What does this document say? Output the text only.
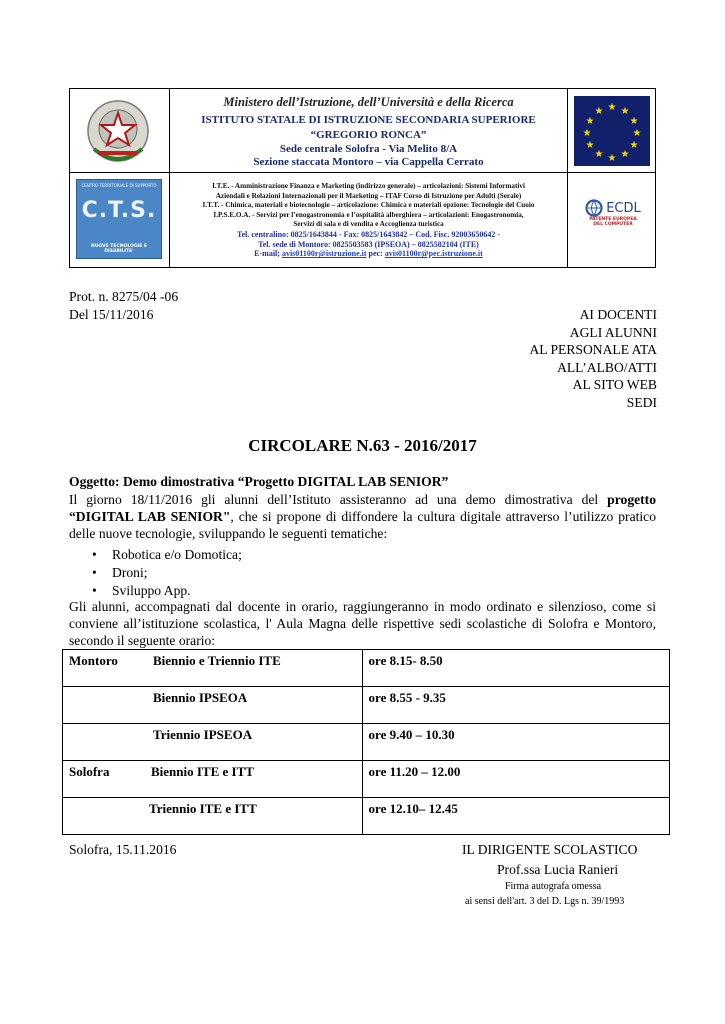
Ministero dell’Istruzione, dell’Università e della Ricerca
ISTITUTO STATALE DI ISTRUZIONE SECONDARIA SUPERIORE
“GREGORIO RONCA”
Sede centrale Solofra - Via Melito 8/A
Sezione staccata Montoro – via Cappella Cerrato
★ ★
★
★
★
★
★
★
★
★
★
★
CENTRO TERRITORIALE DI SUPPORTO
C.T.S.
NUOVE TECNOLOGIE E DISABILITA'
I.T.E. - Amministrazione Finanza e Marketing (indirizzo generale) – articolazioni: Sistemi Informativi
Aziendali e Relazioni Internazionali per il Marketing – ITAF Corso di Istruzione per Adulti (Serale)
I.T.T. - Chimica, materiali e biotecnologie – articolazione: Chimica e materiali opzione: Tecnologie del Cuoio
I.P.S.E.O.A. - Servizi per l’enogastronomia e l’ospitalità alberghiera – articolazioni: Enogastronomia,
Servizi di sala e di vendita e Accoglienza turistica
Tel. centralino: 0825/1643844 - Fax: 0825/1643842 – Cod. Fisc. 92003650642 -
Tel. sede di Montoro: 0825503583 (IPSEOA) – 0825502104 (ITE)
E-mail; avis01100r@istruzione.it pec: avis01100r@pec.istruzione.it
ECDL
PATENTE EUROPEA
DEL COMPUTER
Prot. n. 8275/04 -06
Del 15/11/2016	AI DOCENTI
AGLI ALUNNI
AL PERSONALE ATA
ALL’ALBO/ATTI
AL SITO WEB
SEDI
CIRCOLARE N.63 - 2016/2017
Oggetto: Demo dimostrativa “Progetto DIGITAL LAB SENIOR”
Il giorno 18/11/2016 gli alunni dell’Istituto assisteranno ad una demo dimostrativa del progetto “DIGITAL LAB SENIOR", che si propone di diffondere la cultura digitale attraverso l’utilizzo pratico delle nuove tecnologie, sviluppando le seguenti tematiche:
• Robotica e/o Domotica;
• Droni;
• Sviluppo App.
Gli alunni, accompagnati dal docente in orario, raggiungeranno in modo ordinato e silenzioso, come si conviene all’istituzione scolastica, l' Aula Magna delle rispettive sedi scolastiche di Solofra e Montoro, secondo il seguente orario:
Montoro Biennio e Triennio ITE	ore 8.15- 8.50
Biennio IPSEOA	ore 8.55 - 9.35
Triennio IPSEOA	ore 9.40 – 10.30
Solofra Biennio ITE e ITT	ore 11.20 – 12.00
Triennio ITE e ITT	ore 12.10– 12.45
Solofra, 15.11.2016	IL DIRIGENTE SCOLASTICO
Prof.ssa Lucia Ranieri
Firma autografa omessa
ai sensi dell'art. 3 del D. Lgs n. 39/1993
